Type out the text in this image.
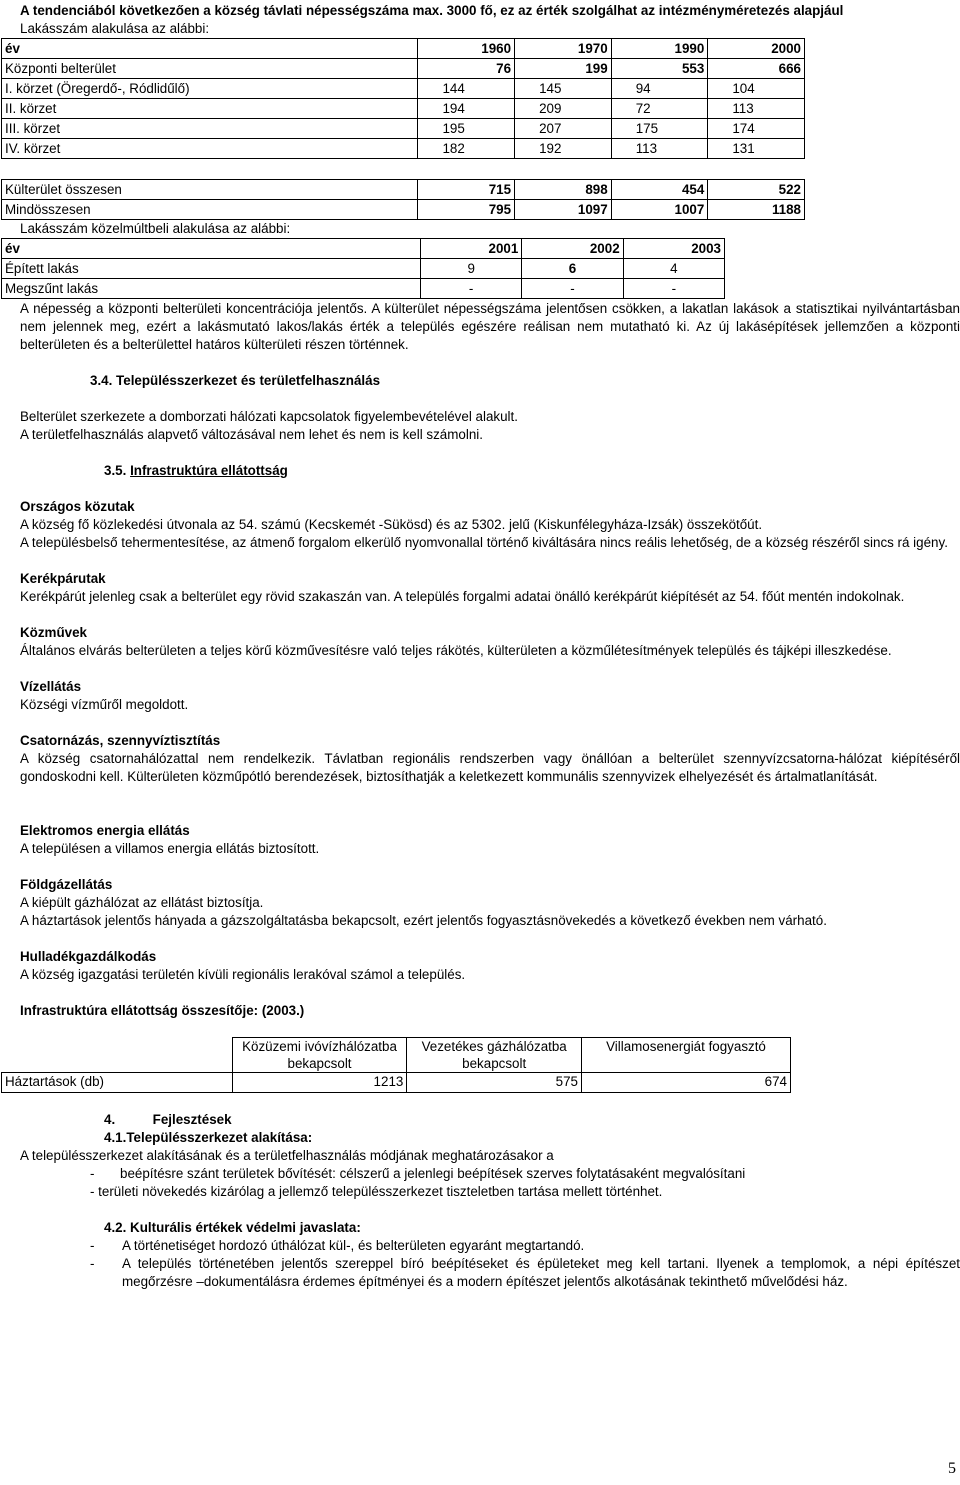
A tendenciából következően a község távlati népességszáma max. 3000 fő, ez az érték szolgálhat az intézményméretezés alapjául

Lakásszám alakulása az alábbi:

év	1960	1970	1990	2000
Központi belterület	76	199	553	666
I. körzet (Öregerdő-, Ródlidűlő)	144	145	94	104
II. körzet	194	209	72	113
III. körzet	195	207	175	174
IV. körzet	182	192	113	131

Külterület összesen	715	898	454	522
Mindösszesen	795	1097	1007	1188

Lakásszám közelmúltbeli alakulása az alábbi:

év	2001	2002	2003
Épített lakás	9	6	4
Megszűnt lakás	-	-	-

A népesség a központi belterületi koncentrációja jelentős. A külterület népességszáma jelentősen csökken, a lakatlan lakások a statisztikai nyilvántartásban nem jelennek meg, ezért a lakásmutató lakos/lakás érték a település egészére reálisan nem mutatható ki. Az új lakásépítések jellemzően a központi belterületen és a belterülettel határos külterületi részen történnek.

3.4. Településszerkezet és területfelhasználás

Belterület szerkezete a domborzati hálózati kapcsolatok figyelembevételével alakult.

A területfelhasználás alapvető változásával nem lehet és nem is kell számolni.

3.5. Infrastruktúra ellátottság

Országos közutak

A község fő közlekedési útvonala az 54. számú (Kecskemét -Sükösd) és az 5302. jelű (Kiskunfélegyháza-Izsák) összekötőút.

A településbelső tehermentesítése, az átmenő forgalom elkerülő nyomvonallal történő kiváltására nincs reális lehetőség, de a község részéről sincs rá igény.

Kerékpárutak

Kerékpárút jelenleg csak a belterület egy rövid szakaszán van. A település forgalmi adatai önálló kerékpárút kiépítését az 54. főút mentén indokolnak.

Közművek

Általános elvárás belterületen a teljes körű közművesítésre való teljes rákötés, külterületen a közműlétesítmények település és tájképi illeszkedése.

Vízellátás

Községi vízműről megoldott.

Csatornázás, szennyvíztisztítás

A község csatornahálózattal nem rendelkezik. Távlatban regionális rendszerben vagy önállóan a belterület szennyvízcsatorna-hálózat kiépítéséről gondoskodni kell. Külterületen közműpótló berendezések, biztosíthatják a keletkezett kommunális szennyvizek elhelyezését és ártalmatlanítását.

Elektromos energia ellátás

A településen a villamos energia ellátás biztosított.

Földgázellátás

A kiépült gázhálózat az ellátást biztosítja.

A háztartások jelentős hányada a gázszolgáltatásba bekapcsolt, ezért jelentős fogyasztásnövekedés a következő években nem várható.

Hulladékgazdálkodás

A község igazgatási területén kívüli regionális lerakóval számol a település.

Infrastruktúra ellátottság összesítője: (2003.)

	Közüzemi ivóvízhálózatba bekapcsolt	Vezetékes gázhálózatba bekapcsolt	Villamosenergiát fogyasztó
Háztartások (db)	1213	575	674

4.	Fejlesztések

4.1.Településszerkezet alakítása:

A településszerkezet alakításának és a területfelhasználás módjának meghatározásakor a

- beépítésre szánt területek bővítését: célszerű a jelenlegi beépítések szerves folytatásaként megvalósítani
- területi növekedés kizárólag a jellemző településszerkezet tiszteletben tartása mellett történhet.

4.2. Kulturális értékek védelmi javaslata:

- A történetiséget hordozó úthálózat kül-, és belterületen egyaránt megtartandó.
- A település történetében jelentős szereppel bíró beépítéseket és épületeket meg kell tartani. Ilyenek a templomok, a népi építészet megőrzésre –dokumentálásra érdemes építményei és a modern építészet jelentős alkotásának tekinthető művelődési ház.
5
